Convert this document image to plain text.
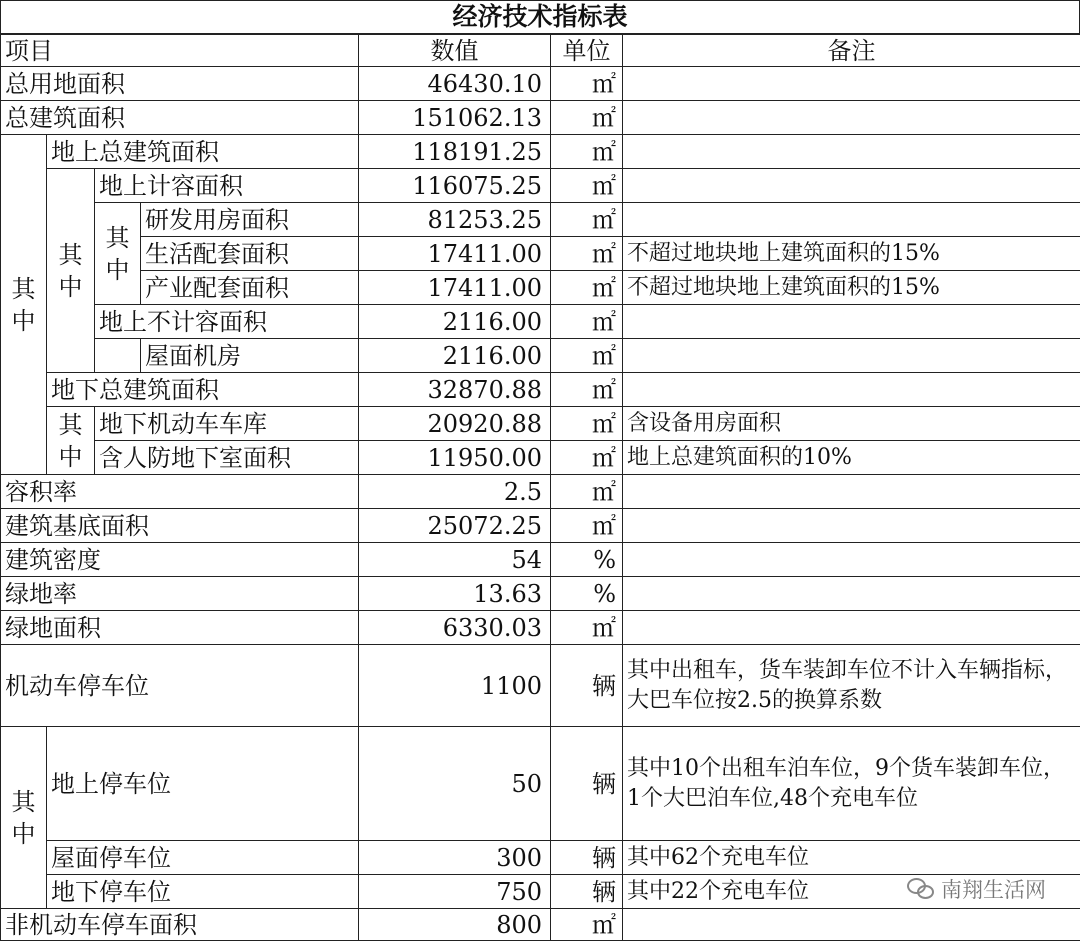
经济技术指标表
项目				数值	单位	备注
总用地面积				46430.10	㎡	
总建筑面积				151062.13	㎡	
其中	地上总建筑面积			118191.25	㎡	
	其中	地上计容面积		116075.25	㎡	
		其中	研发用房面积	81253.25	㎡	
			生活配套面积	17411.00	㎡	不超过地块地上建筑面积的15%
			产业配套面积	17411.00	㎡	不超过地块地上建筑面积的15%
		地上不计容面积		2116.00	㎡	
			屋面机房	2116.00	㎡	
	地下总建筑面积			32870.88	㎡	
	其中	地下机动车车库		20920.88	㎡	含设备用房面积
		含人防地下室面积		11950.00	㎡	地上总建筑面积的10%
容积率				2.5	㎡	
建筑基底面积				25072.25	㎡	
建筑密度				54	%	
绿地率				13.63	%	
绿地面积				6330.03	㎡	
机动车停车位				1100	辆	其中出租车，货车装卸车位不计入车辆指标，大巴车位按2.5的换算系数
其中	地上停车位			50	辆	其中10个出租车泊车位，9个货车装卸车位，1个大巴泊车位,48个充电车位
	屋面停车位			300	辆	其中62个充电车位
	地下停车位			750	辆	其中22个充电车位
非机动车停车面积				800	㎡	
南翔生活网
